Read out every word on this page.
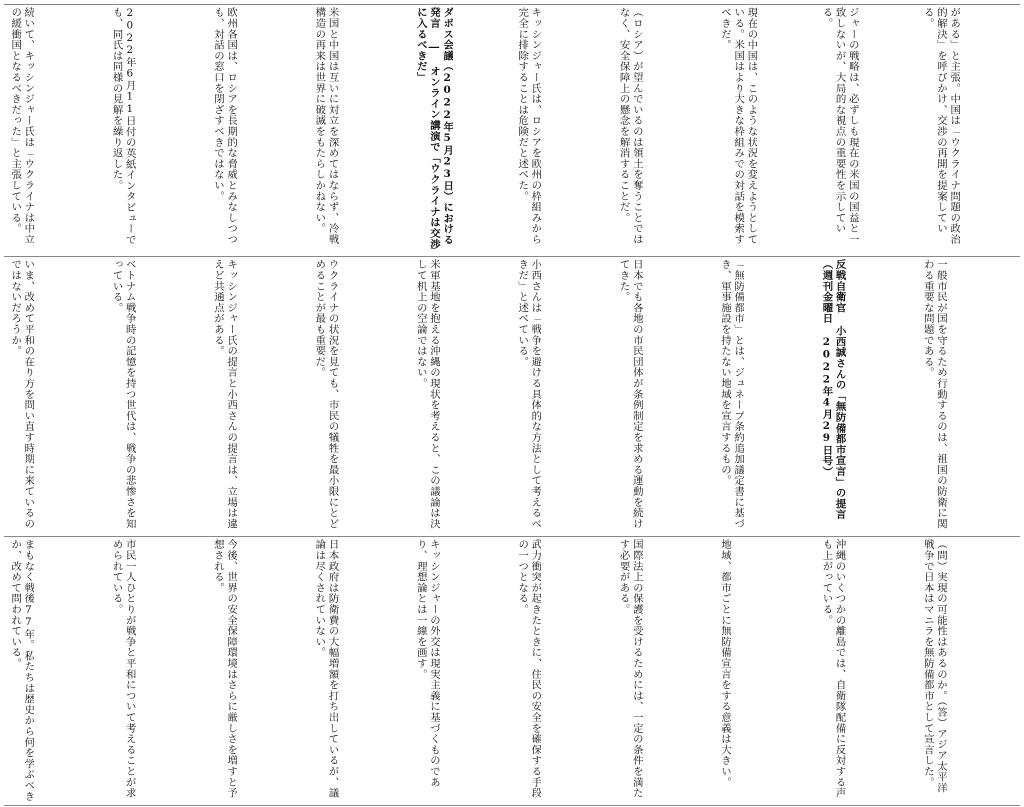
がある」と主張。中国は「ウクライナ問題の政治的解決」を呼びかけ、交渉の再開を提案している。
ジャーの戦略は、必ずしも現在の米国の国益と一致しないが、大局的な視点の重要性を示している。
現在の中国は、このような状況を変えようとしている。米国はより大きな枠組みでの対話を模索すべきだ。
（ロシア）が望んでいるのは領土を奪うことではなく、安全保障上の懸念を解消することだ。
キッシンジャー氏は、ロシアを欧州の枠組みから完全に排除することは危険だと述べた。
ダボス会議（2022年5月23日）における発言 ― オンライン講演で「ウクライナは交渉に入るべきだ」
米国と中国は互いに対立を深めてはならず、冷戦構造の再来は世界に破滅をもたらしかねない。
欧州各国は、ロシアを長期的な脅威とみなしつつも、対話の窓口を閉ざすべきではない。
2022年6月11日付の英紙インタビューでも、同氏は同様の見解を繰り返した。
続いて、キッシンジャー氏は「ウクライナは中立の緩衝国となるべきだった」と主張している。
一般市民が国を守るため行動するのは、祖国の防衛に関わる重要な問題である。
反戦自衛官 小西誠さんの「無防備都市宣言」の提言（週刊金曜日 2022年4月29日号）
「無防備都市」とは、ジュネーブ条約追加議定書に基づき、軍事施設を持たない地域を宣言するもの。
日本でも各地の市民団体が条例制定を求める運動を続けてきた。
小西さんは「戦争を避ける具体的な方法として考えるべきだ」と述べている。
米軍基地を抱える沖縄の現状を考えると、この議論は決して机上の空論ではない。
ウクライナの状況を見ても、市民の犠牲を最小限にとどめることが最も重要だ。
キッシンジャー氏の提言と小西さんの提言は、立場は違えど共通点がある。
ベトナム戦争時の記憶を持つ世代は、戦争の悲惨さを知っている。
いま、改めて平和の在り方を問い直す時期に来ているのではないだろうか。
（問）実現の可能性はあるのか。（答）アジア太平洋戦争で日本はマニラを無防備都市として宣言した。
沖縄のいくつかの離島では、自衛隊配備に反対する声も上がっている。
地域、都市ごとに無防備宣言をする意義は大きい。
国際法上の保護を受けるためには、一定の条件を満たす必要がある。
武力衝突が起きたときに、住民の安全を確保する手段の一つとなる。
キッシンジャーの外交は現実主義に基づくものであり、理想論とは一線を画す。
日本政府は防衛費の大幅増額を打ち出しているが、議論は尽くされていない。
今後、世界の安全保障環境はさらに厳しさを増すと予想される。
市民一人ひとりが戦争と平和について考えることが求められている。
まもなく戦後77年。私たちは歴史から何を学ぶべきか、改めて問われている。
